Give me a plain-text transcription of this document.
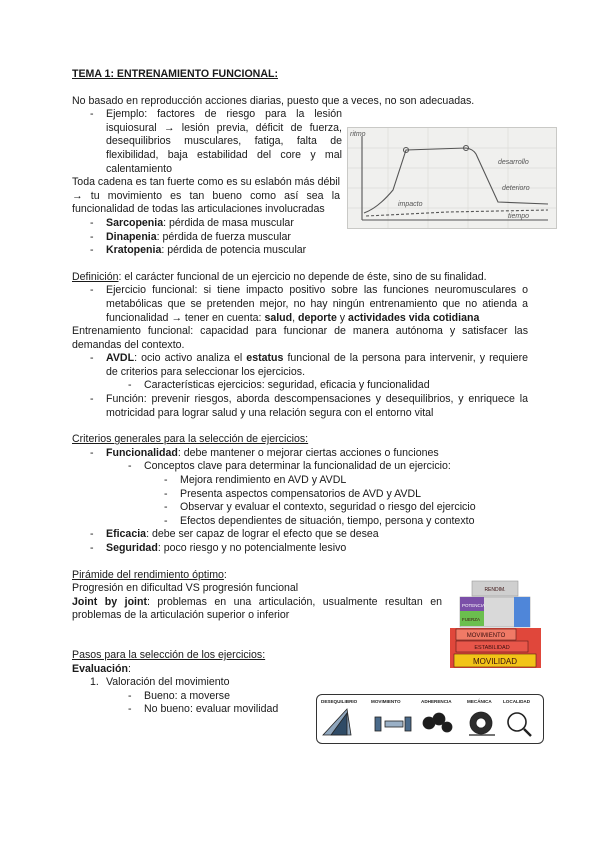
TEMA 1: ENTRENAMIENTO FUNCIONAL:

No basado en reproducción acciones diarias, puesto que a veces, no son adecuadas.

- Ejemplo: factores de riesgo para la lesión isquiosural → lesión previa, déficit de fuerza, desequilibrios musculares, fatiga, falta de flexibilidad, baja estabilidad del core y mal calentamiento

Toda cadena es tan fuerte como es su eslabón más débil → tu movimiento es tan bueno como así sea la funcionalidad de todas las articulaciones involucradas

- Sarcopenia: pérdida de masa muscular
- Dinapenia: pérdida de fuerza muscular
- Kratopenia: pérdida de potencia muscular

Definición: el carácter funcional de un ejercicio no depende de éste, sino de su finalidad.

- Ejercicio funcional: si tiene impacto positivo sobre las funciones neuromusculares o metabólicas que se pretenden mejor, no hay ningún entrenamiento que no atienda a funcionalidad → tener en cuenta: salud, deporte y actividades vida cotidiana

Entrenamiento funcional: capacidad para funcionar de manera autónoma y satisfacer las demandas del contexto.

- AVDL: ocio activo analiza el estatus funcional de la persona para intervenir, y requiere de criterios para seleccionar los ejercicios.
- Características ejercicios: seguridad, eficacia y funcionalidad
- Función: prevenir riesgos, aborda descompensaciones y desequilibrios, y enriquece la motricidad para lograr salud y una relación segura con el entorno vital

Criterios generales para la selección de ejercicios:

- Funcionalidad: debe mantener o mejorar ciertas acciones o funciones
- Conceptos clave para determinar la funcionalidad de un ejercicio:
- Mejora rendimiento en AVD y AVDL
- Presenta aspectos compensatorios de AVD y AVDL
- Observar y evaluar el contexto, seguridad o riesgo del ejercicio
- Efectos dependientes de situación, tiempo, persona y contexto
- Eficacia: debe ser capaz de lograr el efecto que se desea
- Seguridad: poco riesgo y no potencialmente lesivo

Pirámide del rendimiento óptimo:

Progresión en dificultad VS progresión funcional

Joint by joint: problemas en una articulación, usualmente resultan en problemas de la articulación superior o inferior

Pasos para la selección de los ejercicios:

Evaluación:

1. Valoración del movimiento
- Bueno: a moverse
- No bueno: evaluar movilidad
ritmo
impacto
desarrollo
deterioro
tiempo
RENDIM.
POTENCIA
FUERZA
MOVIMIENTO
ESTABILIDAD
MOVILIDAD
DESEQUILIBRIO	MOVIMIENTO	ADHERENCIA	MECÁNICA LOCALIDAD
